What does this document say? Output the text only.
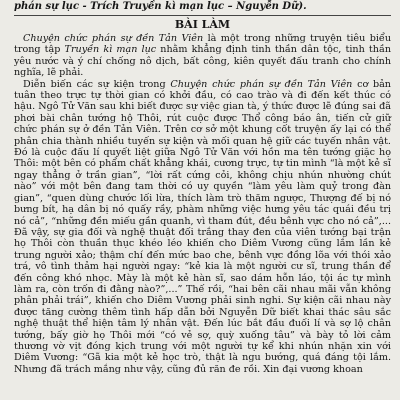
phán sự lục - Trích Truyền kì mạn lục – Nguyễn Dữ).

BÀI LÀM

Chuyện chức phán sự đền Tản Viên là một trong những truyện tiêu biểu trong tập Truyền kì mạn lục nhằm khẳng định tinh thần dân tộc, tinh thần yêu nước và ý chí chống nô dịch, bất công, kiên quyết đấu tranh cho chính nghĩa, lẽ phải.

Diễn biến các sự kiện trong Chuyện chức phán sự đền Tản Viên cơ bản tuân theo trực tự thời gian có khởi đầu, có cao trào và đi đến kết thúc có hậu. Ngô Tử Văn sau khi biết được sự việc gian tà, ý thức được lẽ đúng sai đã phơi bài chân tướng hộ Thôi, rút cuộc được Thổ công báo ân, tiến cử giữ chức phán sự ở đền Tản Viên. Trên cơ sở một khung cốt truyện ấy lại có thể phân chia thành nhiều tuyến sự kiện và mối quan hệ giữ các tuyến nhân vật. Đó là cuộc đấu lí quyết liệt giữa Ngô Tử Văn với hồn ma tên tướng giặc họ Thôi: một bên có phẩm chất khẳng khái, cương trực, tự tin mình “là một kẻ sĩ ngay thẳng ở trần gian”, “lời rất cứng cỏi, không chịu nhún nhường chút nào” với một bên đang tam thời có uy quyền “làm yêu làm quỷ trong đàn gian”, “quen dùng chước lối lừa, thích làm trò thăm ngược, Thượng đế bị nó bưng bít, hạ dân bị nó quấy rầy, phàm những việc hưng yêu tác quái đều trị nó cả”, “những đền miếu gần quanh, vì tham đút, đều bênh vực cho nó cả”,... Đã vậy, sự gia đối và nghệ thuật đối trắng thay đen của viên tướng bại trận họ Thôi còn thuần thục khéo léo khiến cho Diêm Vương cũng lắm lần kẻ trung người xảo; thậm chí đến mức bao che, bênh vực đồng lõa với thói xảo trá, vô tình thảm hại người ngay: “kẻ kia là một người cư sĩ, trung thần để đến công khó nhọc. Mày là một kẻ hàn sĩ, sao dám hỗn láo, tội ác tự mình làm ra, còn trốn đi đằng nào?”,...” Thế rồi, “hai bên cãi nhau mãi vẫn không phân phải trái”, khiến cho Diêm Vương phải sinh nghi. Sự kiện cãi nhau này được tăng cường thêm tình hấp dẫn bởi Nguyễn Dữ biết khai thác sâu sắc nghệ thuật thể hiện tâm lý nhân vật. Đến lúc bắt đầu đuối lí và sợ lộ chân tướng, bấy giờ họ Thôi mới “có vẻ sợ, quỳ xuống tâu” và bày tỏ lời cảm thương vờ vịt đóng kịch trung với một người tự kể khi nhún nhặn xin với Diêm Vương: “Gã kia một kẻ học trò, thật là ngu bướng, quá đáng tội lắm. Nhưng đã trách mắng như vậy, cũng đủ răn đe rồi. Xin đại vương khoan
